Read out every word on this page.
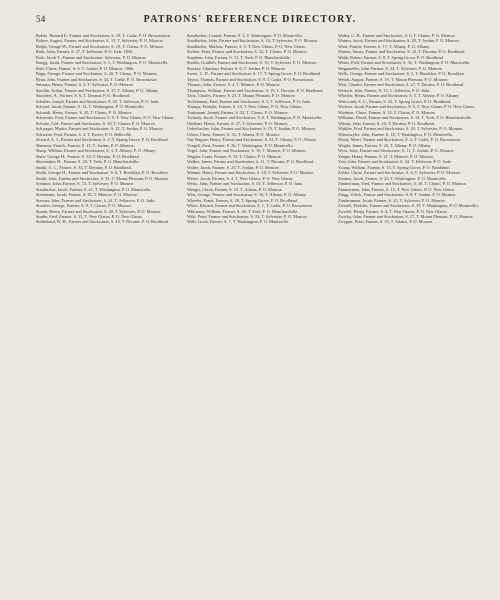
54	PATRONS' REFERENCE DIRECTORY.

Rohde, Richard F., Farmer and Stockraiser, S. 19, T. Cadiz, P. O. Brownstown.

Rohrer, August, Farmer and Stockraiser, S. 15, T. Sylvester, P. O. Monroe.

Rolph, George W., Farmer and Stockraiser, S. 19, T. Clarno, P. O. Monroe.

Roth, John, Farmer, S. 27, T. Jefferson, P. O. Juda. 1856.

Roth, Jacob F., Farmer and Stockraiser, Sylvester, P. O. Monroe.

Ruegg, Jacob, Farmer and Stockraiser, S. 1, T. Washington, P. O. Monticello.

Rufi, Christ, Farmer, S. 6, T. Jordan, P. O. Monroe. 1866.

Rupp, George, Farmer and Stockraiser, S. 20, T. Clarno, P. O. Monroe.

Ryan, John, Farmer and Stockraiser, S. 34, T. Cadiz, P. O. Browntown.

Saeman, Henry, Farmer, S. 3, T. Sylvester, P. O. Monroe.

Sandlin, Arthur, Farmer and Stockraiser, S. 17, T. Albany, P. O. Albany.

Saunders, A., Farmer, S. 6, T. Decatur, P. O. Brodhead.

Schaller, Joseph, Farmer and Stockraiser, S. 20, T. Jefferson, P. O. Juda.

Schmid, Jacob, Farmer, S. 14, T. Washington, P. O. Monticello.

Schmidt, Henry, Farmer, S. 25, T. Clarno, P. O. Monroe.

Schneider, Fred, Farmer and Stockraiser, S. 9, T. New Glarus, P. O. New Glarus.

Schultz, Carl, Farmer and Stockraiser, S. 10, T. Clarno, P. O. Monroe.

Schwager, Martin, Farmer and Stockraiser, S. 21, T. Jordan, P. O. Monroe.

Schwartz, Fred, Farmer, S. 4, T. Exeter, P. O. Belleville.

Seward, A. J., Farmer and Stockraiser, S. 2, T. Spring Grove, P. O. Brodhead.

Shannon, Patrick, Farmer, S. 11, T. Jordan, P. O. Monroe.

Sharp, William, Farmer and Stockraiser, S. 3, T. Albany, P. O. Albany.

Shaw, George H., Farmer, S. 34, T. Decatur, P. O. Brodhead.

Shoemaker, H., Farmer, S. 29, T. York, P. O. Blanchardville.

Smith, A. L., Farmer, S. 33, T. Decatur, P. O. Brodhead.

Smith, George H., Farmer and Stockraiser, S. 8, T. Brooklyn, P. O. Brooklyn.

Smith, John, Farmer and Stockraiser, S. 31, T. Mount Pleasant, P. O. Monroe.

Sommer, John, Farmer, S. 13, T. Sylvester, P. O. Monroe.

Stauffacher, Jacob, Farmer, S. 21, T. Washington, P. O. Monticello.

Steinmann, Jacob, Farmer, S. 35, T. Monroe, P. O. Monroe.

Stewart, John, Farmer and Stockraiser, S. 24, T. Jefferson, P. O. Juda.

Stouffer, George, Farmer, S. 9, T. Clarno, P. O. Monroe.

Straub, Henry, Farmer and Stockraiser, S. 28, T. Sylvester, P. O. Monroe.

Studer, Fred, Farmer, S. 15, T. New Glarus, P. O. New Glarus.

Sutherland, W. H., Farmer and Stockraiser, S. 25, T. Decatur, P. O. Brodhead.

Stauffacher, Conrad, Farmer, S. 3, T. Washington, P. O. Monticello.

Stauffacher, John, Farmer and Stockraiser, S. 16, T. Sylvester, P. O. Monroe.

Stauffacher, Mathias, Farmer, S. 5, T. New Glarus, P. O. New Glarus.

Steffen, Peter, Farmer and Stockraiser, S. 32, T. Clarno, P. O. Monroe.

Stephens, John, Farmer, S. 12, T. York, P. O. Blanchardville.

Stettler, Gottlieb, Farmer and Stockraiser, S. 19, T. Sylvester, P. O. Monroe.

Stuckey, Christian, Farmer, S. 6, T. Jordan, P. O. Monroe.

Sweet, C. D., Farmer and Stockraiser, S. 17, T. Spring Grove, P. O. Brodhead.

Taylor, Thomas, Farmer and Stockraiser, S. 9, T. Cadiz, P. O. Browntown.

Thomas, John, Farmer, S. 4, T. Monroe, P. O. Monroe.

Thompson, William, Farmer and Stockraiser, S. 19, T. Decatur, P. O. Brodhead.

Tietz, Charles, Farmer, S. 21, T. Mount Pleasant, P. O. Monroe.

Tochterman, Fred, Farmer and Stockraiser, S. 5, T. Jefferson, P. O. Juda.

Trumpy, Fridolin, Farmer, S. 14, T. New Glarus, P. O. New Glarus.

Truttmann, Joseph, Farmer, S. 22, T. Clarno, P. O. Monroe.

Tschudy, Jacob, Farmer and Stockraiser, S. 8, T. Washington, P. O. Monticello.

Ubelhart, Henry, Farmer, S. 27, T. Sylvester, P. O. Monroe.

Ueberbacher, John, Farmer and Stockraiser, S. 15, T. Jordan, P. O. Monroe.

Urben, Christ, Farmer, S. 32, T. Adams, P. O. Monroe.

Van Wagner, Henry, Farmer and Stockraiser, S. 21, T. Albany, P. O. Albany.

Voegeli, Fred, Farmer, S. 26, T. Washington, P. O. Monticello.

Vogel, John, Farmer and Stockraiser, S. 19, T. Monroe, P. O. Monroe.

Wagner, Louis, Farmer, S. 33, T. Clarno, P. O. Monroe.

Walker, James, Farmer and Stockraiser, S. 11, T. Decatur, P. O. Brodhead.

Walter, Jacob, Farmer, S. 25, T. Jordan, P. O. Monroe.

Wanner, Henry, Farmer and Stockraiser, S. 18, T. Sylvester, P. O. Monroe.

Weber, Jacob, Farmer, S. 4, T. New Glarus, P. O. New Glarus.

Weiss, John, Farmer and Stockraiser, S. 35, T. Jefferson, P. O. Juda.

Wenger, Christ, Farmer, S. 10, T. Adams, P. O. Monroe.

West, George, Farmer and Stockraiser, S. 16, T. Albany, P. O. Albany.

Wheeler, Frank, Farmer, S. 28, T. Spring Grove, P. O. Brodhead.

White, Edward, Farmer and Stockraiser, S. 1, T. Cadiz, P. O. Browntown.

Whitmore, William, Farmer, S. 30, T. York, P. O. Blanchardville.

Wild, Peter, Farmer and Stockraiser, S. 23, T. Sylvester, P. O. Monroe.

Willi, Jacob, Farmer, S. 7, T. Washington, P. O. Monticello.

Walter, C. H., Farmer and Stockraiser, S. 6, T. Clarno, P. O. Monroe.

Wanzer, Jacob, Farmer and Stockraiser, S. 20, T. Jordan, P. O. Monroe.

Ward, Patrick, Farmer, S. 17, T. Albany, P. O. Albany.

Warren, James, Farmer and Stockraiser, S. 12, T. Decatur, P. O. Brodhead.

Webb, Robert, Farmer, S. 8, T. Spring Grove, P. O. Brodhead.

Weber, Fred, Farmer and Stockraiser, S. 31, T. Washington, P. O. Monticello.

Wegmueller, John, Farmer, S. 24, T. Sylvester, P. O. Monroe.

Wells, George, Farmer and Stockraiser, S. 3, T. Brooklyn, P. O. Brooklyn.

Wendt, August, Farmer, S. 19, T. Mount Pleasant, P. O. Monroe.

West, Charles, Farmer and Stockraiser, S. 27, T. Decatur, P. O. Brodhead.

Wettach, John, Farmer, S. 13, T. Jefferson, P. O. Juda.

Wheeler, Henry, Farmer and Stockraiser, S. 5, T. Albany, P. O. Albany.

Whitcomb, S. C., Farmer, S. 22, T. Spring Grove, P. O. Brodhead.

Wichser, Jacob, Farmer and Stockraiser, S. 9, T. New Glarus, P. O. New Glarus.

Wiedmer, Christ, Farmer, S. 33, T. Clarno, P. O. Monroe.

Williams, David, Farmer and Stockraiser, S. 14, T. York, P. O. Blanchardville.

Wilson, John, Farmer, S. 10, T. Decatur, P. O. Brodhead.

Winkler, Fred, Farmer and Stockraiser, S. 29, T. Sylvester, P. O. Monroe.

Wittenwyler, John, Farmer, S. 18, T. Washington, P. O. Monticello.

Wood, Albert, Farmer and Stockraiser, S. 2, T. Cadiz, P. O. Browntown.

Wright, James, Farmer, S. 26, T. Albany, P. O. Albany.

Wyss, John, Farmer and Stockraiser, S. 11, T. Jordan, P. O. Monroe.

Yaeger, Henry, Farmer, S. 21, T. Monroe, P. O. Monroe.

Yost, John, Farmer and Stockraiser, S. 34, T. Jefferson, P. O. Juda.

Young, William, Farmer, S. 15, T. Spring Grove, P. O. Brodhead.

Zahler, Christ, Farmer and Stockraiser, S. 6, T. Sylvester, P. O. Monroe.

Zentner, Jacob, Farmer, S. 23, T. Washington, P. O. Monticello.

Zimmerman, Fred, Farmer and Stockraiser, S. 30, T. Clarno, P. O. Monroe.

Zimmerman, John, Farmer, S. 12, T. New Glarus, P. O. New Glarus.

Zingg, Ulrich, Farmer and Stockraiser, S. 8, T. Jordan, P. O. Monroe.

Zumbrunnen, Jacob, Farmer, S. 25, T. Sylvester, P. O. Monroe.

Zweifel, Fridolin, Farmer and Stockraiser, S. 19, T. Washington, P. O. Monticello.

Zweifel, Henry, Farmer, S. 4, T. New Glarus, P. O. New Glarus.

Zwicky, John, Farmer and Stockraiser, S. 17, T. Mount Pleasant, P. O. Monroe.

Zwygart, Peter, Farmer, S. 33, T. Adams, P. O. Monroe.
